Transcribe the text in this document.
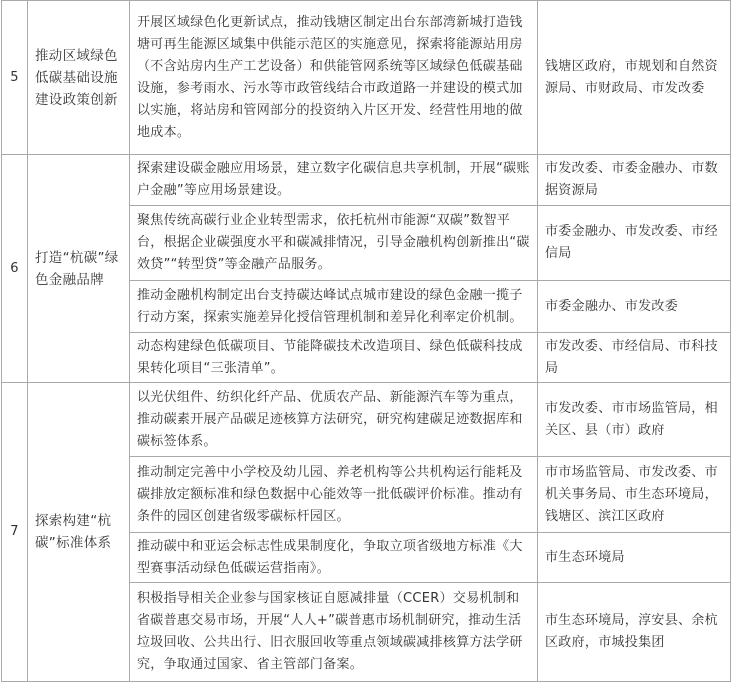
5	推动区域绿色低碳基础设施建设政策创新	开展区域绿色化更新试点，推动钱塘区制定出台东部湾新城打造钱塘可再生能源区域集中供能示范区的实施意见，探索将能源站用房（不含站房内生产工艺设备）和供能管网系统等区域绿色低碳基础设施，参考雨水、污水等市政管线结合市政道路一并建设的模式加以实施，将站房和管网部分的投资纳入片区开发、经营性用地的做地成本。	钱塘区政府，市规划和自然资源局、市财政局、市发改委
6	打造“杭碳”绿色金融品牌	探索建设碳金融应用场景，建立数字化碳信息共享机制，开展“碳账户金融”等应用场景建设。	市发改委、市委金融办、市数据资源局
		聚焦传统高碳行业企业转型需求，依托杭州市能源“双碳”数智平台，根据企业碳强度水平和碳减排情况，引导金融机构创新推出“碳效贷”“转型贷”等金融产品服务。	市委金融办、市发改委、市经信局
		推动金融机构制定出台支持碳达峰试点城市建设的绿色金融一揽子行动方案，探索实施差异化授信管理机制和差异化利率定价机制。	市委金融办、市发改委
		动态构建绿色低碳项目、节能降碳技术改造项目、绿色低碳科技成果转化项目“三张清单”。	市发改委、市经信局、市科技局
7	探索构建“杭碳”标准体系	以光伏组件、纺织化纤产品、优质农产品、新能源汽车等为重点，推动碳素开展产品碳足迹核算方法研究，研究构建碳足迹数据库和碳标签体系。	市发改委、市市场监管局，相关区、县（市）政府
		推动制定完善中小学校及幼儿园、养老机构等公共机构运行能耗及碳排放定额标准和绿色数据中心能效等一批低碳评价标准。推动有条件的园区创建省级零碳标杆园区。	市市场监管局、市发改委、市机关事务局、市生态环境局，钱塘区、滨江区政府
		推动碳中和亚运会标志性成果制度化，争取立项省级地方标准《大型赛事活动绿色低碳运营指南》。	市生态环境局
		积极指导相关企业参与国家核证自愿减排量（CCER）交易机制和省碳普惠交易市场，开展“人人+”碳普惠市场机制研究，推动生活垃圾回收、公共出行、旧衣服回收等重点领域碳减排核算方法学研究，争取通过国家、省主管部门备案。	市生态环境局，淳安县、余杭区政府，市城投集团
